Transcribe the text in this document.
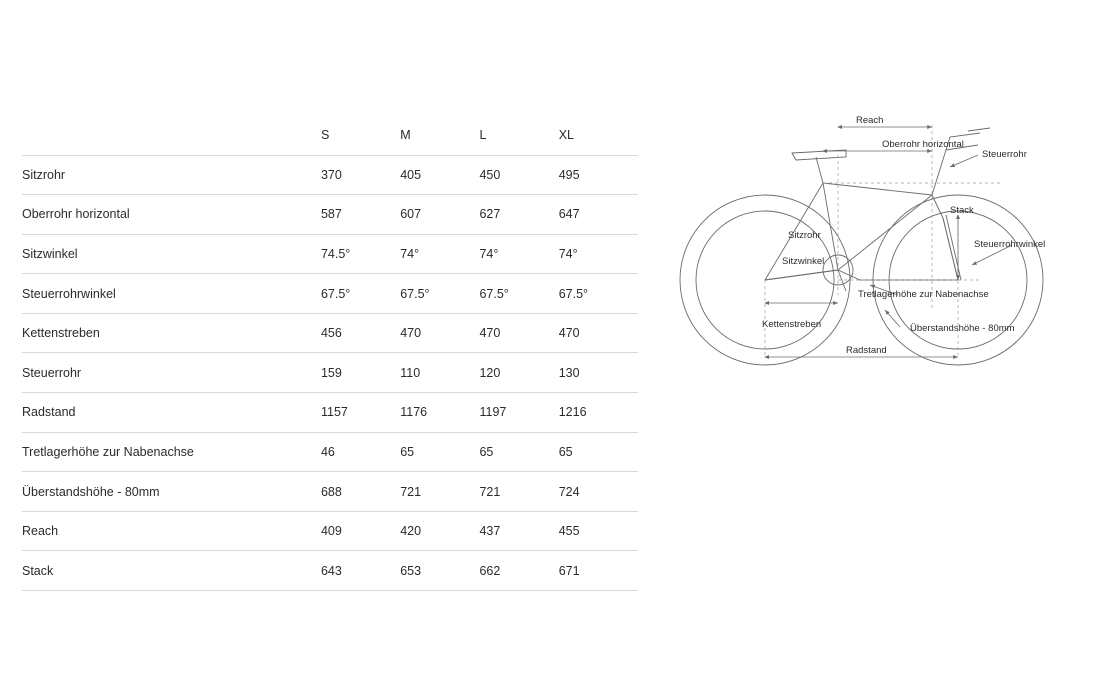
	S	M	L	XL
Sitzrohr	370	405	450	495
Oberrohr horizontal	587	607	627	647
Sitzwinkel	74.5°	74°	74°	74°
Steuerrohrwinkel	67.5°	67.5°	67.5°	67.5°
Kettenstreben	456	470	470	470
Steuerrohr	159	110	120	130
Radstand	1157	1176	1197	1216
Tretlagerhöhe zur Nabenachse	46	65	65	65
Überstandshöhe - 80mm	688	721	721	724
Reach	409	420	437	455
Stack	643	653	662	671
Reach
Oberrohr horizontal
Steuerrohr
Stack
Steuerrohrwinkel
Sitzrohr
Sitzwinkel
Tretlagerhöhe zur Nabenachse
Kettenstreben	Überstandshöhe - 80mm
Radstand
